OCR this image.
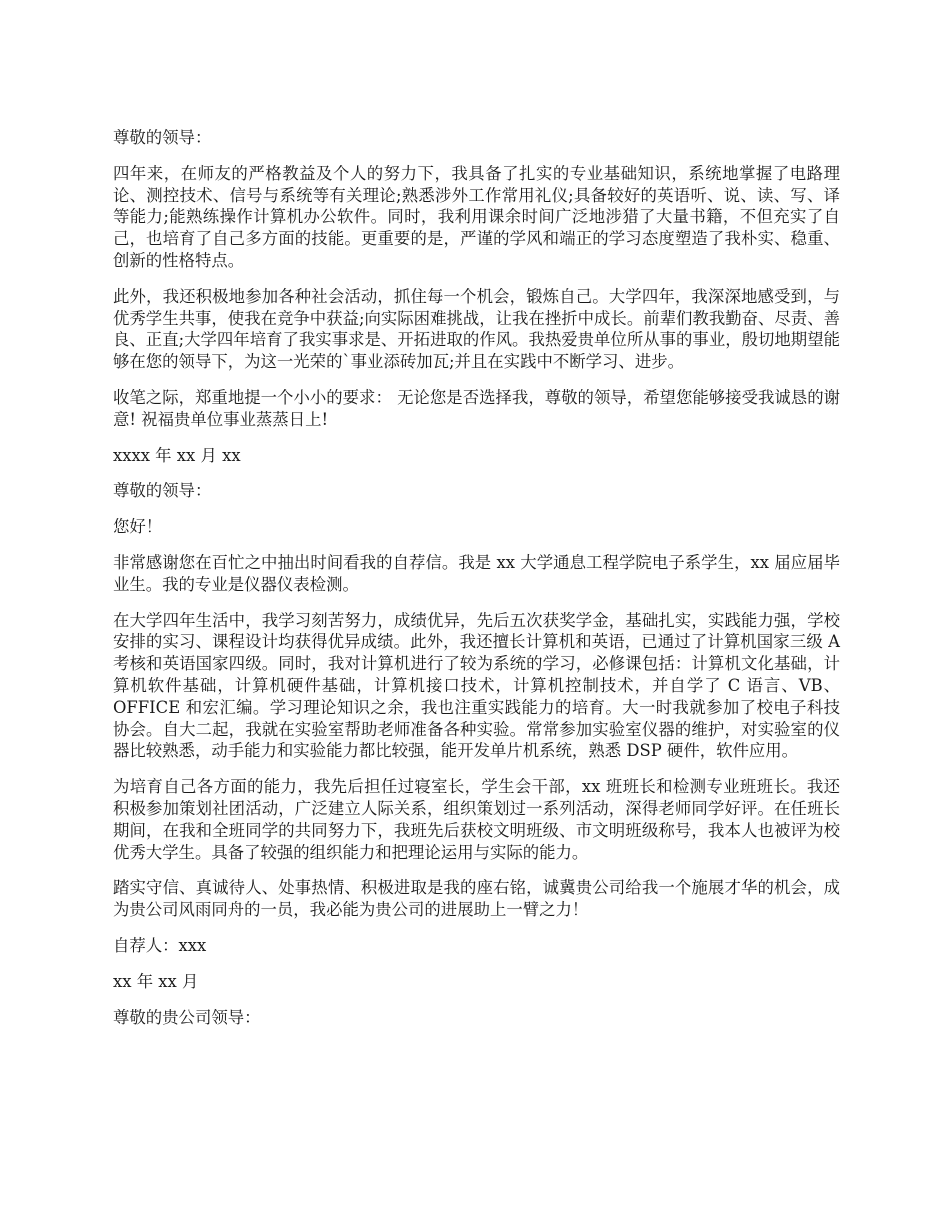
尊敬的领导：

四年来，在师友的严格教益及个人的努力下，我具备了扎实的专业基础知识，系统地掌握了电路理论、测控技术、信号与系统等有关理论;熟悉涉外工作常用礼仪;具备较好的英语听、说、读、写、译等能力;能熟练操作计算机办公软件。同时，我利用课余时间广泛地涉猎了大量书籍，不但充实了自己，也培育了自己多方面的技能。更重要的是，严谨的学风和端正的学习态度塑造了我朴实、稳重、创新的性格特点。

此外，我还积极地参加各种社会活动，抓住每一个机会，锻炼自己。大学四年，我深深地感受到，与优秀学生共事，使我在竞争中获益;向实际困难挑战，让我在挫折中成长。前辈们教我勤奋、尽责、善良、正直;大学四年培育了我实事求是、开拓进取的作风。我热爱贵单位所从事的事业，殷切地期望能够在您的领导下，为这一光荣的`事业添砖加瓦;并且在实践中不断学习、进步。

收笔之际，郑重地提一个小小的要求： 无论您是否选择我，尊敬的领导，希望您能够接受我诚恳的谢意! 祝福贵单位事业蒸蒸日上!

xxxx 年 xx 月 xx

尊敬的领导：

您好！

非常感谢您在百忙之中抽出时间看我的自荐信。我是 xx 大学通息工程学院电子系学生，xx 届应届毕业生。我的专业是仪器仪表检测。

在大学四年生活中，我学习刻苦努力，成绩优异，先后五次获奖学金，基础扎实，实践能力强，学校安排的实习、课程设计均获得优异成绩。此外，我还擅长计算机和英语，已通过了计算机国家三级 A 考核和英语国家四级。同时，我对计算机进行了较为系统的学习，必修课包括：计算机文化基础，计算机软件基础，计算机硬件基础，计算机接口技术，计算机控制技术，并自学了 C 语言、VB、OFFICE 和宏汇编。学习理论知识之余，我也注重实践能力的培育。大一时我就参加了校电子科技协会。自大二起，我就在实验室帮助老师准备各种实验。常常参加实验室仪器的维护，对实验室的仪器比较熟悉，动手能力和实验能力都比较强，能开发单片机系统，熟悉 DSP 硬件，软件应用。

为培育自己各方面的能力，我先后担任过寝室长，学生会干部，xx 班班长和检测专业班班长。我还积极参加策划社团活动，广泛建立人际关系，组织策划过一系列活动，深得老师同学好评。在任班长期间，在我和全班同学的共同努力下，我班先后获校文明班级、市文明班级称号，我本人也被评为校优秀大学生。具备了较强的组织能力和把理论运用与实际的能力。

踏实守信、真诚待人、处事热情、积极进取是我的座右铭，诚冀贵公司给我一个施展才华的机会，成为贵公司风雨同舟的一员，我必能为贵公司的进展助上一臂之力！

自荐人：xxx

xx 年 xx 月

尊敬的贵公司领导：
